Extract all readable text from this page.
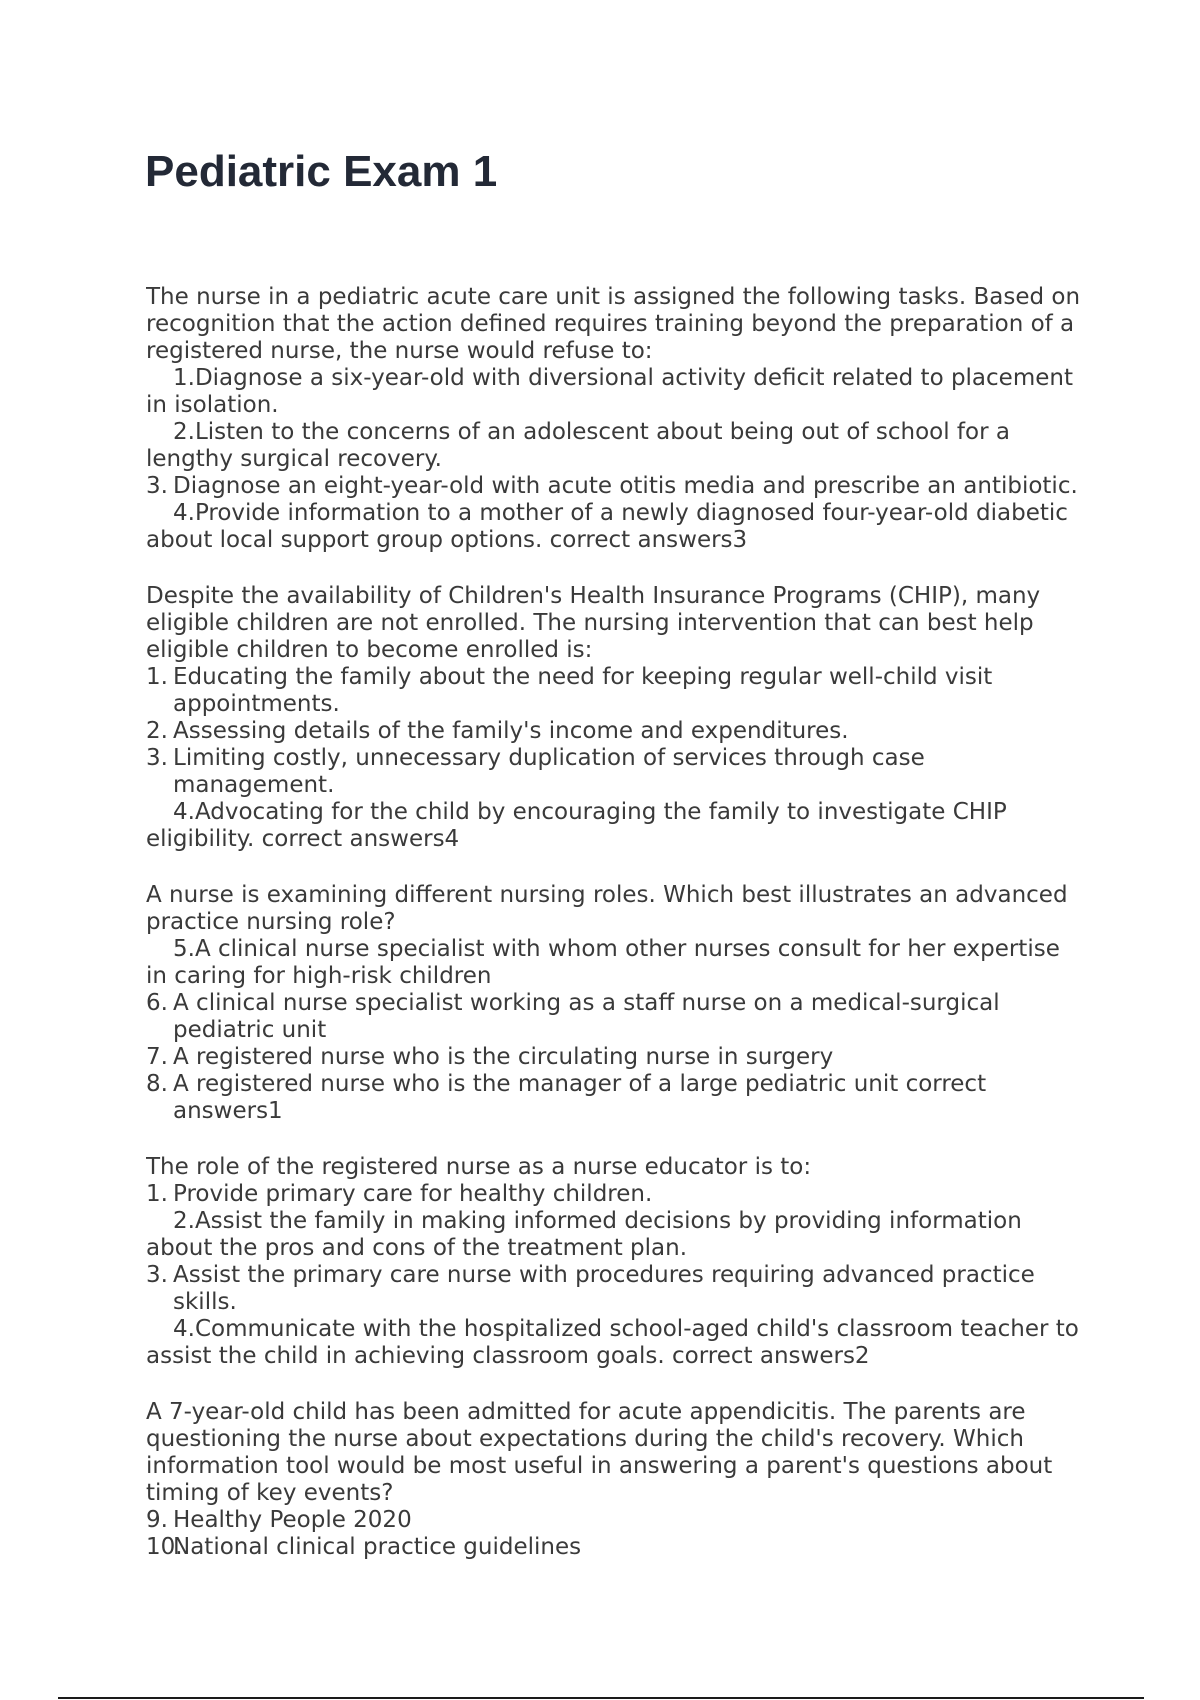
Pediatric Exam 1

The nurse in a pediatric acute care unit is assigned the following tasks. Based on recognition that the action defined requires training beyond the preparation of a registered nurse, the nurse would refuse to:

1.Diagnose a six-year-old with diversional activity deficit related to placement in isolation.

2.Listen to the concerns of an adolescent about being out of school for a lengthy surgical recovery.

3. Diagnose an eight-year-old with acute otitis media and prescribe an antibiotic.

4.Provide information to a mother of a newly diagnosed four-year-old diabetic about local support group options. correct answers3

Despite the availability of Children's Health Insurance Programs (CHIP), many eligible children are not enrolled. The nursing intervention that can best help eligible children to become enrolled is:

1. Educating the family about the need for keeping regular well-child visit appointments.
2. Assessing details of the family's income and expenditures.
3. Limiting costly, unnecessary duplication of services through case management.

4.Advocating for the child by encouraging the family to investigate CHIP eligibility. correct answers4

A nurse is examining different nursing roles. Which best illustrates an advanced practice nursing role?

5.A clinical nurse specialist with whom other nurses consult for her expertise in caring for high-risk children

6. A clinical nurse specialist working as a staff nurse on a medical-surgical pediatric unit
7. A registered nurse who is the circulating nurse in surgery
8. A registered nurse who is the manager of a large pediatric unit correct answers1

The role of the registered nurse as a nurse educator is to:

1. Provide primary care for healthy children.

2.Assist the family in making informed decisions by providing information about the pros and cons of the treatment plan.

3. Assist the primary care nurse with procedures requiring advanced practice skills.

4.Communicate with the hospitalized school-aged child's classroom teacher to assist the child in achieving classroom goals. correct answers2

A 7-year-old child has been admitted for acute appendicitis. The parents are questioning the nurse about expectations during the child's recovery. Which information tool would be most useful in answering a parent's questions about timing of key events?

9. Healthy People 2020
10.
National clinical practice guidelines
